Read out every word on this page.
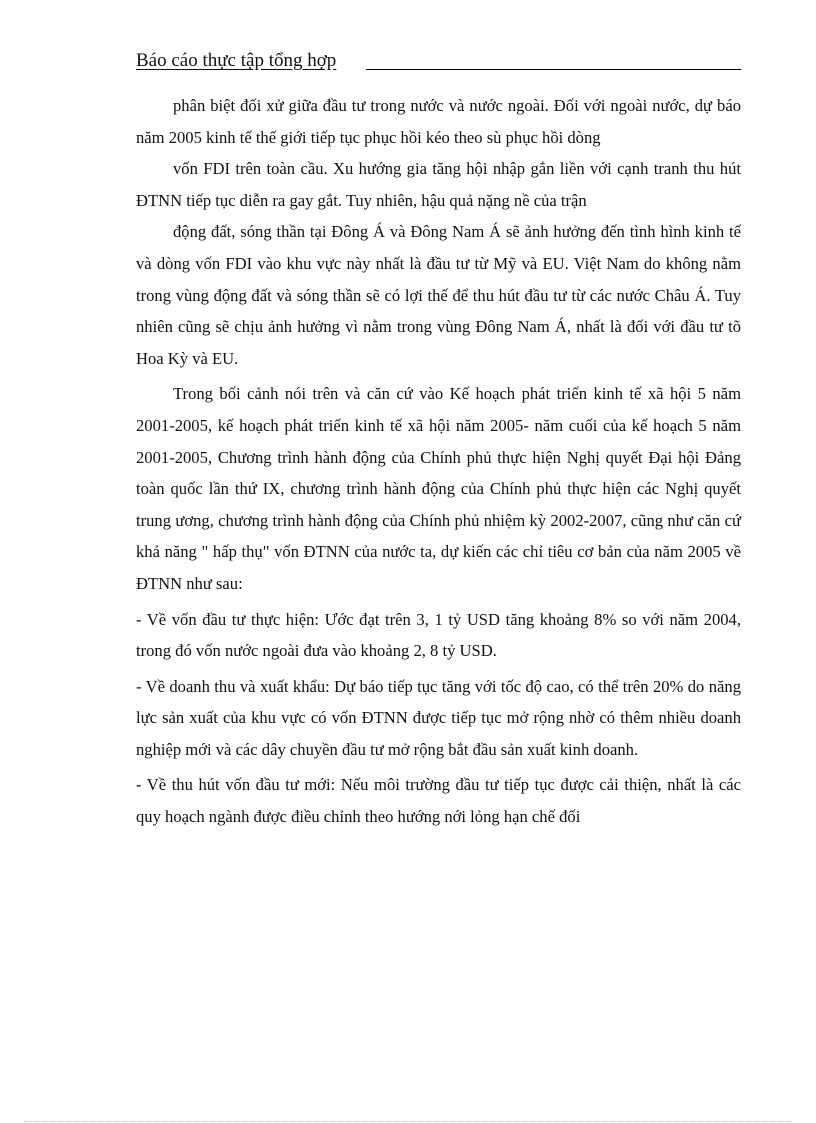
Báo cáo thực tập tổng hợp

phân biệt đối xử giữa đầu tư trong nước và nước ngoài. Đối với ngoài nước, dự báo năm 2005 kinh tế thế giới tiếp tục phục hồi kéo theo sù phục hồi dòng

vốn FDI trên toàn cầu. Xu hướng gia tăng hội nhập gắn liền với cạnh tranh thu hút ĐTNN tiếp tục diễn ra gay gắt. Tuy nhiên, hậu quả nặng nề của trận

động đất, sóng thần tại Đông Á và Đông Nam Á sẽ ảnh hưởng đến tình hình kinh tế và dòng vốn FDI vào khu vực này nhất là đầu tư từ Mỹ và EU. Việt Nam do không nằm trong vùng động đất và sóng thần sẽ có lợi thế để thu hút đầu tư từ các nước Châu Á. Tuy nhiên cũng sẽ chịu ảnh hưởng vì nằm trong vùng Đông Nam Á, nhất là đối với đầu tư tõ Hoa Kỳ và EU.

Trong bối cảnh nói trên và căn cứ vào Kế hoạch phát triển kinh tế xã hội 5 năm 2001-2005, kế hoạch phát triển kinh tế xã hội năm 2005- năm cuối của kế hoạch 5 năm 2001-2005, Chương trình hành động của Chính phủ thực hiện Nghị quyết Đại hội Đảng toàn quốc lần thứ IX, chương trình hành động của Chính phủ thực hiện các Nghị quyết trung ương, chương trình hành động của Chính phủ nhiệm kỳ 2002-2007, cũng như căn cứ khả năng " hấp thụ" vốn ĐTNN của nước ta, dự kiến các chỉ tiêu cơ bản của năm 2005 về ĐTNN như sau:

- Về vốn đầu tư thực hiện: Ước đạt trên 3, 1 tỷ USD tăng khoảng 8% so với năm 2004, trong đó vốn nước ngoài đưa vào khoảng 2, 8 tỷ USD.

- Về doanh thu và xuất khẩu: Dự báo tiếp tục tăng với tốc độ cao, có thể trên 20% do năng lực sản xuất của khu vực có vốn ĐTNN được tiếp tục mở rộng nhờ có thêm nhiều doanh nghiệp mới và các dây chuyền đầu tư mở rộng bắt đầu sản xuất kinh doanh.

- Về thu hút vốn đầu tư mới: Nếu môi trường đầu tư tiếp tục được cải thiện, nhất là các quy hoạch ngành được điều chỉnh theo hướng nới lỏng hạn chế đối
